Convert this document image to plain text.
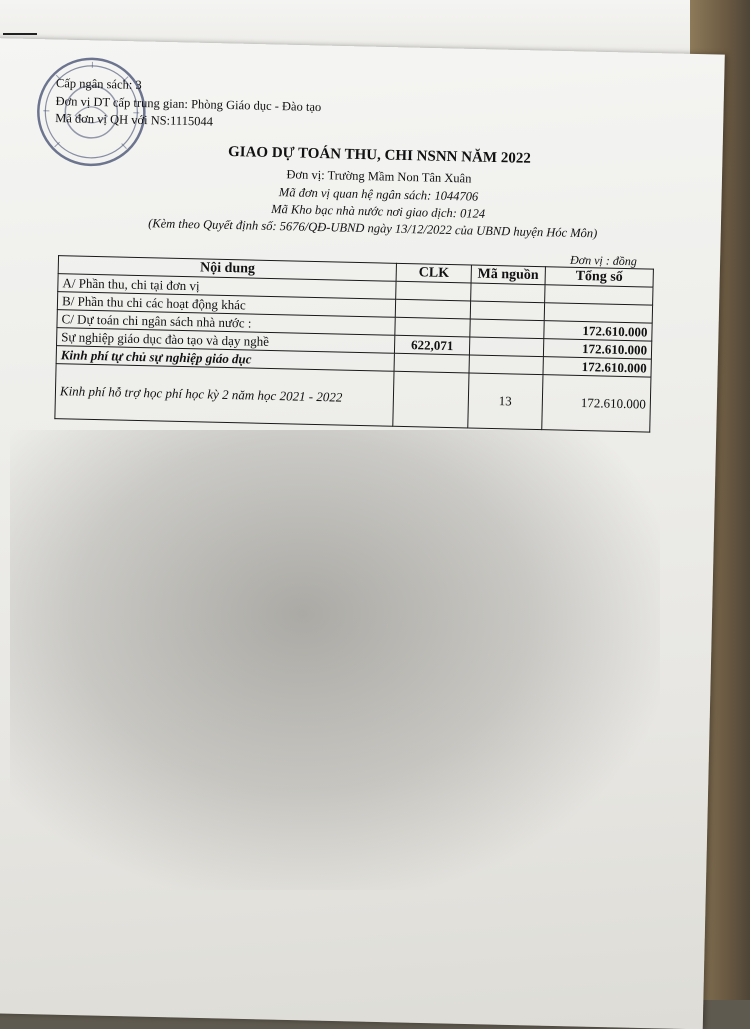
Cấp ngân sách: 3
Đơn vị DT cấp trung gian: Phòng Giáo dục - Đào tạo
Mã đơn vị QH với NS:1115044
GIAO DỰ TOÁN THU, CHI NSNN NĂM 2022
Đơn vị: Trường Mầm Non Tân Xuân
Mã đơn vị quan hệ ngân sách: 1044706
Mã Kho bạc nhà nước nơi giao dịch: 0124
(Kèm theo Quyết định số: 5676/QĐ-UBND ngày 13/12/2022 của UBND huyện Hóc Môn)
Đơn vị : đồng
Nội dung	CLK	Mã nguồn	Tổng số
A/ Phần thu, chi tại đơn vị			
B/ Phần thu chi các hoạt động khác			
C/ Dự toán chi ngân sách nhà nước :			172.610.000
Sự nghiệp giáo dục đào tạo và dạy nghề	622,071		172.610.000
Kinh phí tự chủ sự nghiệp giáo dục			172.610.000
Kinh phí hỗ trợ học phí học kỳ 2 năm học 2021 - 2022		13	172.610.000
